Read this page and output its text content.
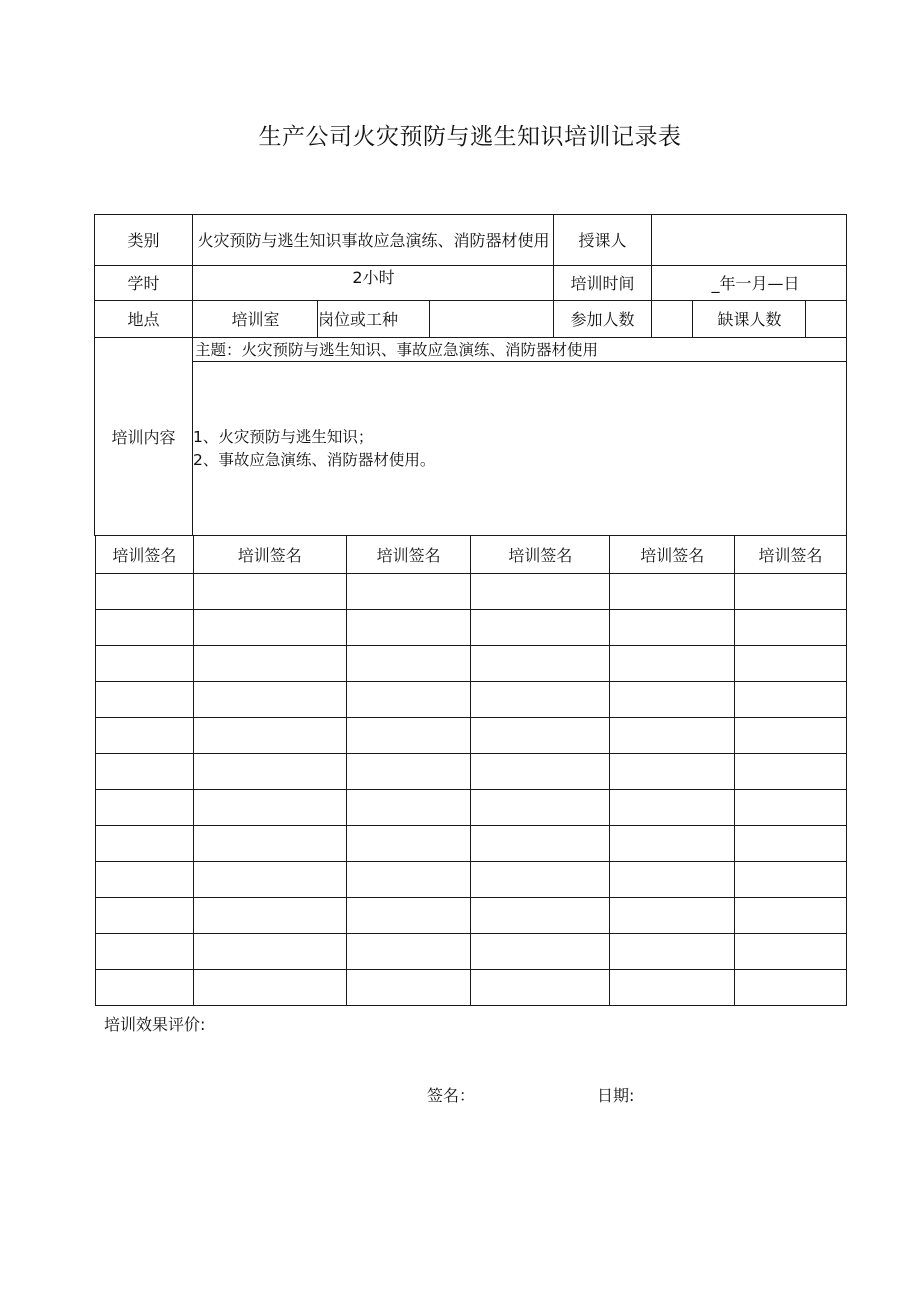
生产公司火灾预防与逃生知识培训记录表
类别	火灾预防与逃生知识事故应急演练、消防器材使用	授课人
学时	2小时	培训时间	_年一月—日
地点	培训室	岗位或工种	参加人数	缺课人数
培训内容
主题：火灾预防与逃生知识、事故应急演练、消防器材使用
1、火灾预防与逃生知识；
2、事故应急演练、消防器材使用。
培训签名	培训签名	培训签名	培训签名	培训签名	培训签名

培训效果评价:
签名：	日期:
